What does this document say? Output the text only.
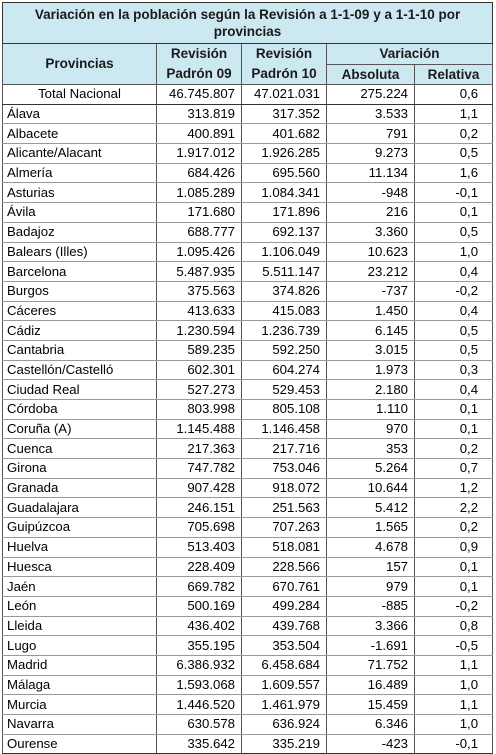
Variación en la población según la Revisión a 1-1-09 y a 1-1-10 por provincias				
Provincias	Revisión	Revisión	Variación	
	Padrón 09	Padrón 10	Absoluta	Relativa
Total Nacional	46.745.807	47.021.031	275.224	0,6
Álava	313.819	317.352	3.533	1,1
Albacete	400.891	401.682	791	0,2
Alicante/Alacant	1.917.012	1.926.285	9.273	0,5
Almería	684.426	695.560	11.134	1,6
Asturias	1.085.289	1.084.341	-948	-0,1
Ávila	171.680	171.896	216	0,1
Badajoz	688.777	692.137	3.360	0,5
Balears (Illes)	1.095.426	1.106.049	10.623	1,0
Barcelona	5.487.935	5.511.147	23.212	0,4
Burgos	375.563	374.826	-737	-0,2
Cáceres	413.633	415.083	1.450	0,4
Cádiz	1.230.594	1.236.739	6.145	0,5
Cantabria	589.235	592.250	3.015	0,5
Castellón/Castelló	602.301	604.274	1.973	0,3
Ciudad Real	527.273	529.453	2.180	0,4
Córdoba	803.998	805.108	1.110	0,1
Coruña (A)	1.145.488	1.146.458	970	0,1
Cuenca	217.363	217.716	353	0,2
Girona	747.782	753.046	5.264	0,7
Granada	907.428	918.072	10.644	1,2
Guadalajara	246.151	251.563	5.412	2,2
Guipúzcoa	705.698	707.263	1.565	0,2
Huelva	513.403	518.081	4.678	0,9
Huesca	228.409	228.566	157	0,1
Jaén	669.782	670.761	979	0,1
León	500.169	499.284	-885	-0,2
Lleida	436.402	439.768	3.366	0,8
Lugo	355.195	353.504	-1.691	-0,5
Madrid	6.386.932	6.458.684	71.752	1,1
Málaga	1.593.068	1.609.557	16.489	1,0
Murcia	1.446.520	1.461.979	15.459	1,1
Navarra	630.578	636.924	6.346	1,0
Ourense	335.642	335.219	-423	-0,1
